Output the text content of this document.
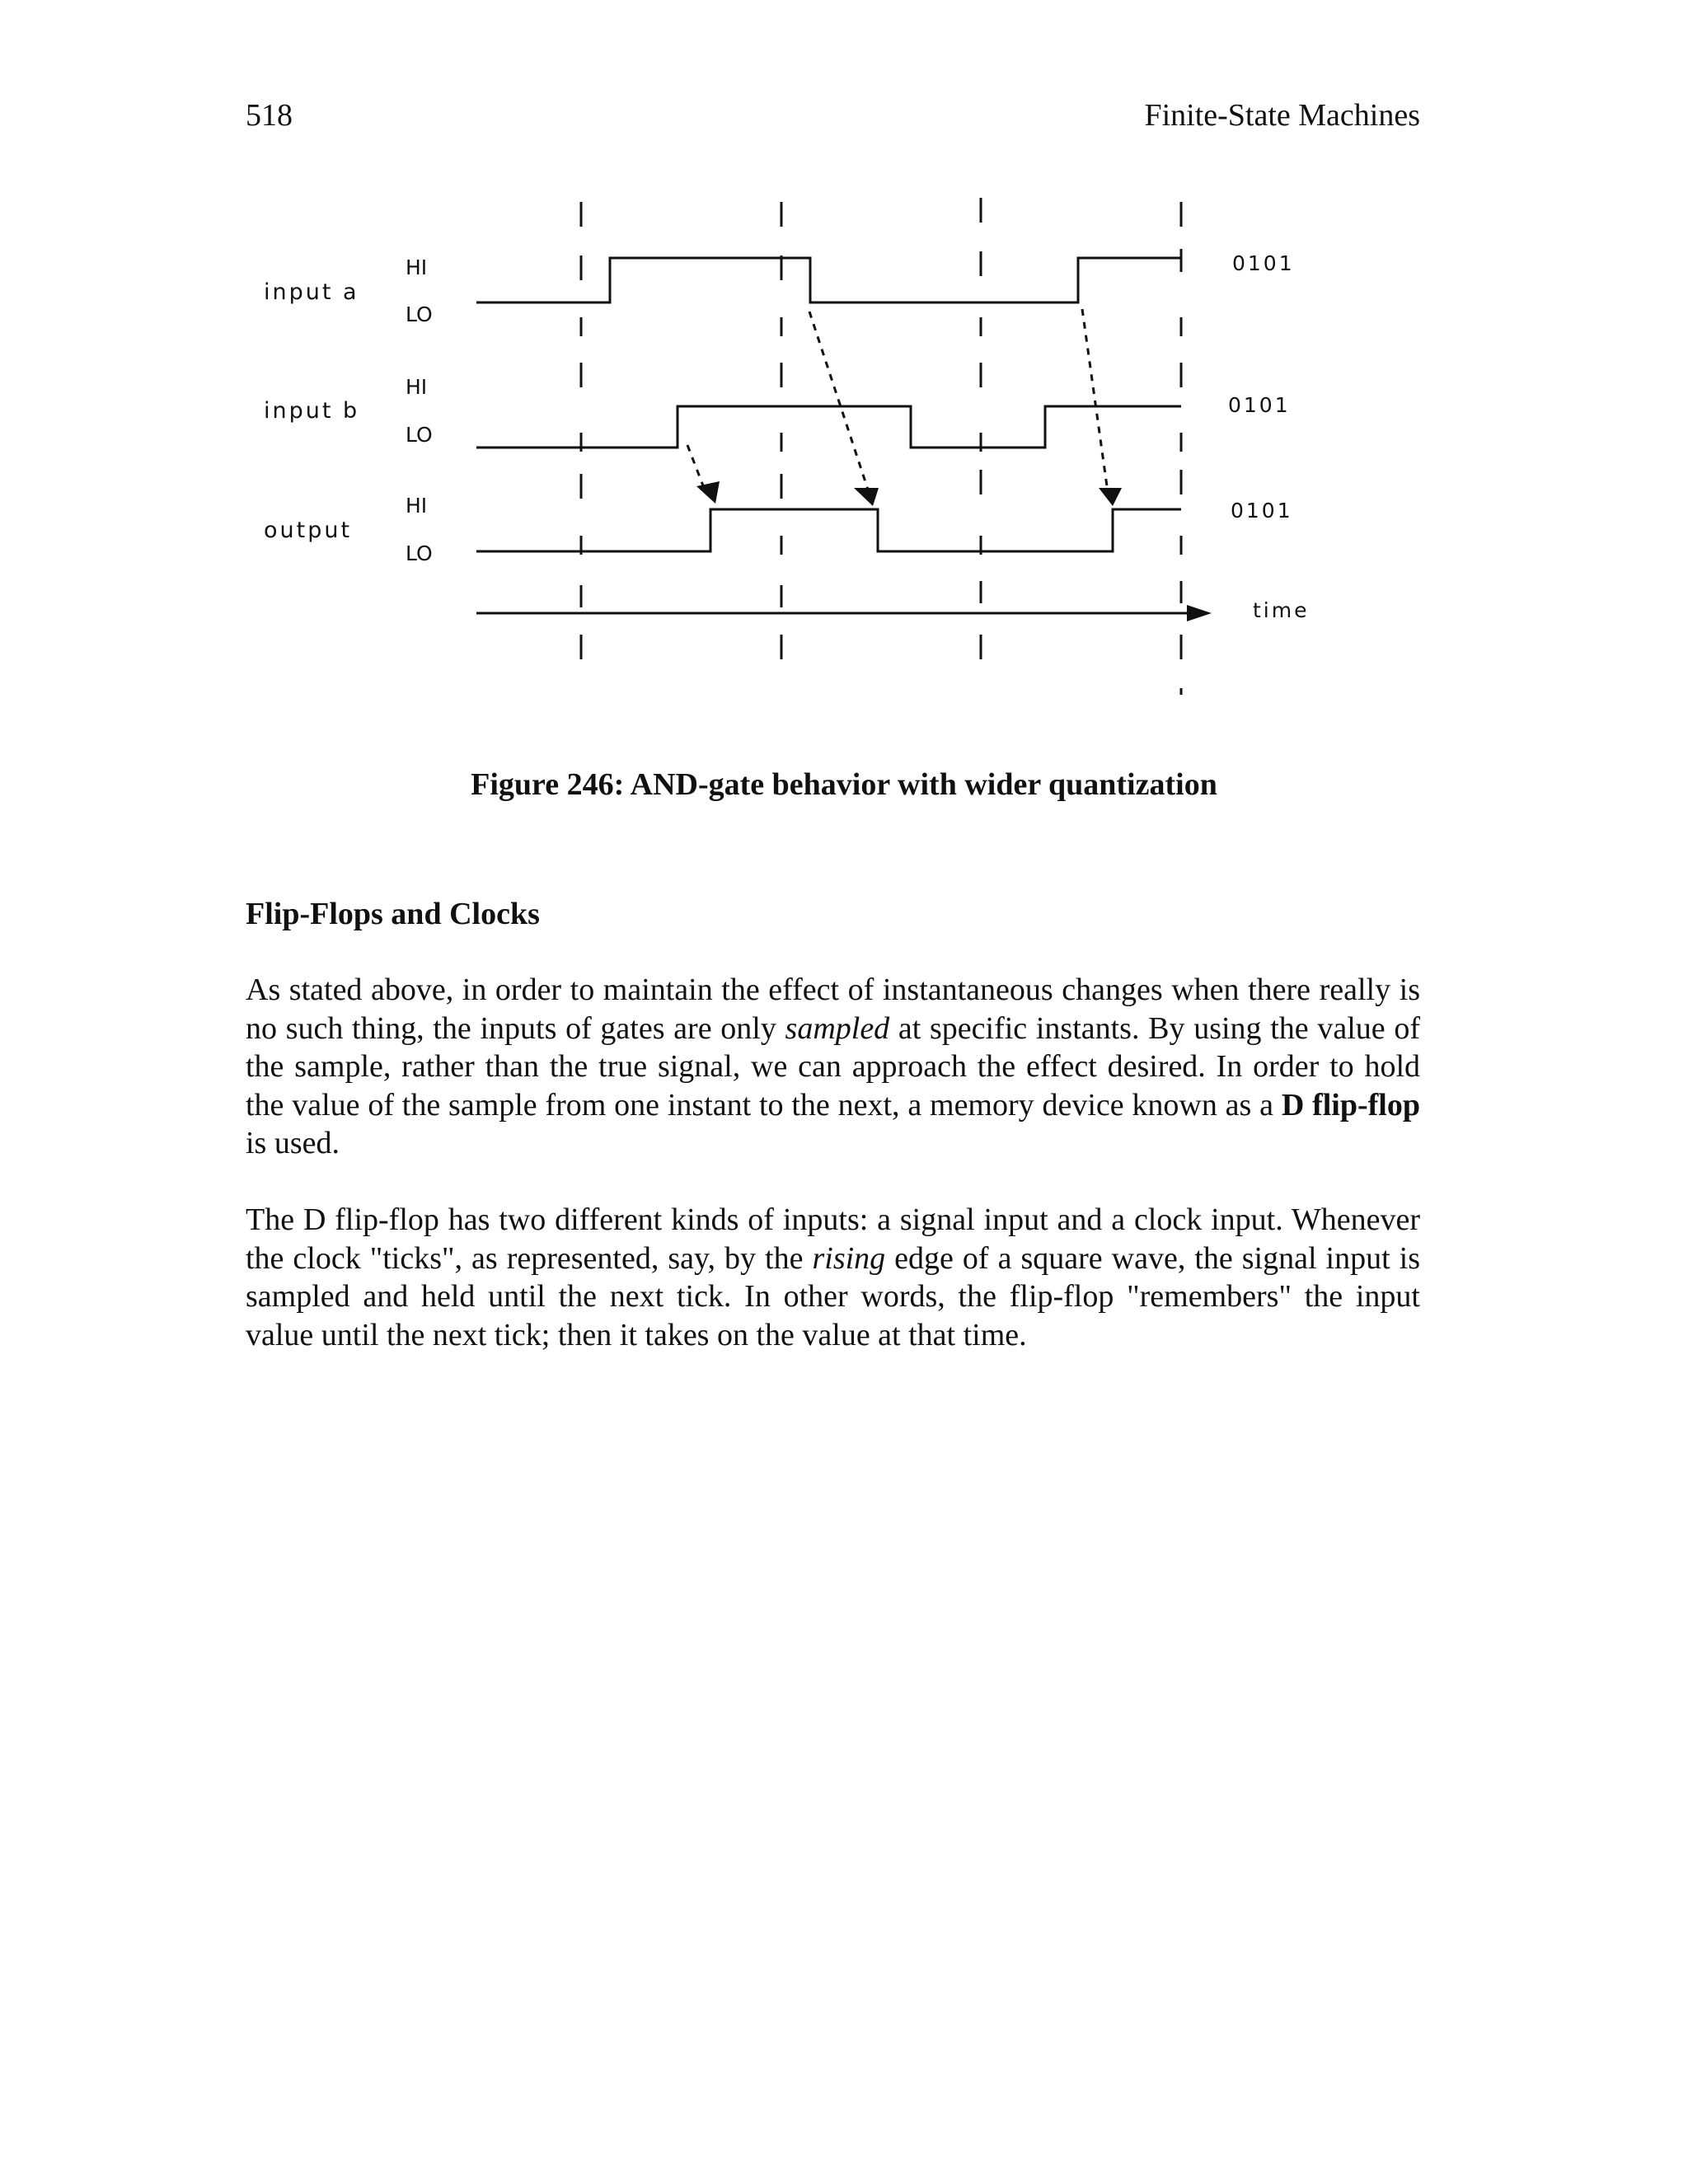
518	Finite-State Machines
input a
input b
output
HI
LO
HI
LO
HI
LO
0101
0101
0101
time
Figure 246: AND-gate behavior with wider quantization
Flip-Flops and Clocks

As stated above, in order to maintain the effect of instantaneous changes when there really is no such thing, the inputs of gates are only sampled at specific instants. By using the value of the sample, rather than the true signal, we can approach the effect desired. In order to hold the value of the sample from one instant to the next, a memory device known as a D flip-flop is used.

The D flip-flop has two different kinds of inputs: a signal input and a clock input. Whenever the clock "ticks", as represented, say, by the rising edge of a square wave, the signal input is sampled and held until the next tick. In other words, the flip-flop "remembers" the input value until the next tick; then it takes on the value at that time.
